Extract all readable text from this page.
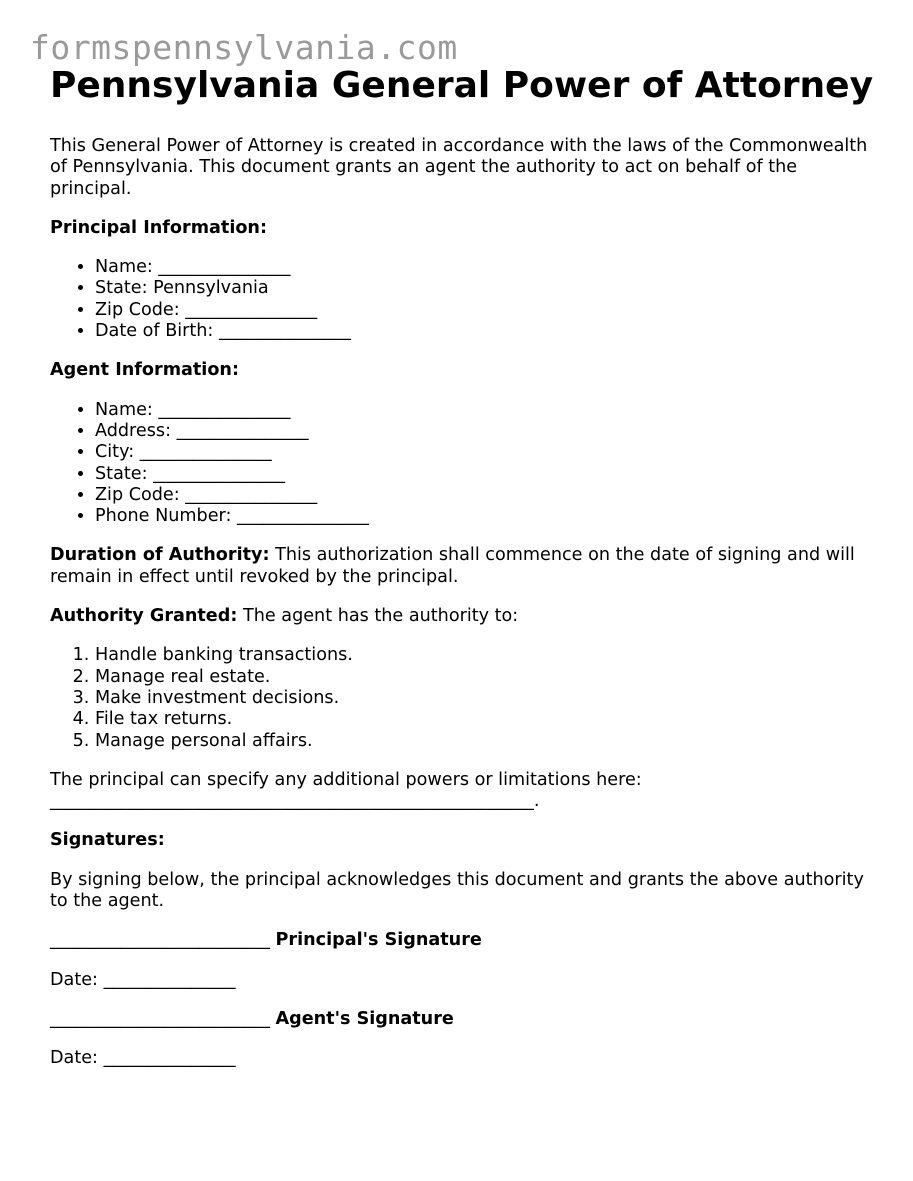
formspennsylvania.com
Pennsylvania General Power of Attorney

This General Power of Attorney is created in accordance with the laws of the Commonwealth of Pennsylvania. This document grants an agent the authority to act on behalf of the principal.

Principal Information:

• Name: _______________
• State: Pennsylvania
• Zip Code: _______________
• Date of Birth: _______________

Agent Information:

• Name: _______________
• Address: _______________
• City: _______________
• State: _______________
• Zip Code: _______________
• Phone Number: _______________

Duration of Authority: This authorization shall commence on the date of signing and will remain in effect until revoked by the principal.

Authority Granted: The agent has the authority to:

1. Handle banking transactions.
2. Manage real estate.
3. Make investment decisions.
4. File tax returns.
5. Manage personal affairs.

The principal can specify any additional powers or limitations here: _______________________________________________________.

Signatures:

By signing below, the principal acknowledges this document and grants the above authority to the agent.

_________________________ Principal's Signature

Date: _______________

_________________________ Agent's Signature

Date: _______________
